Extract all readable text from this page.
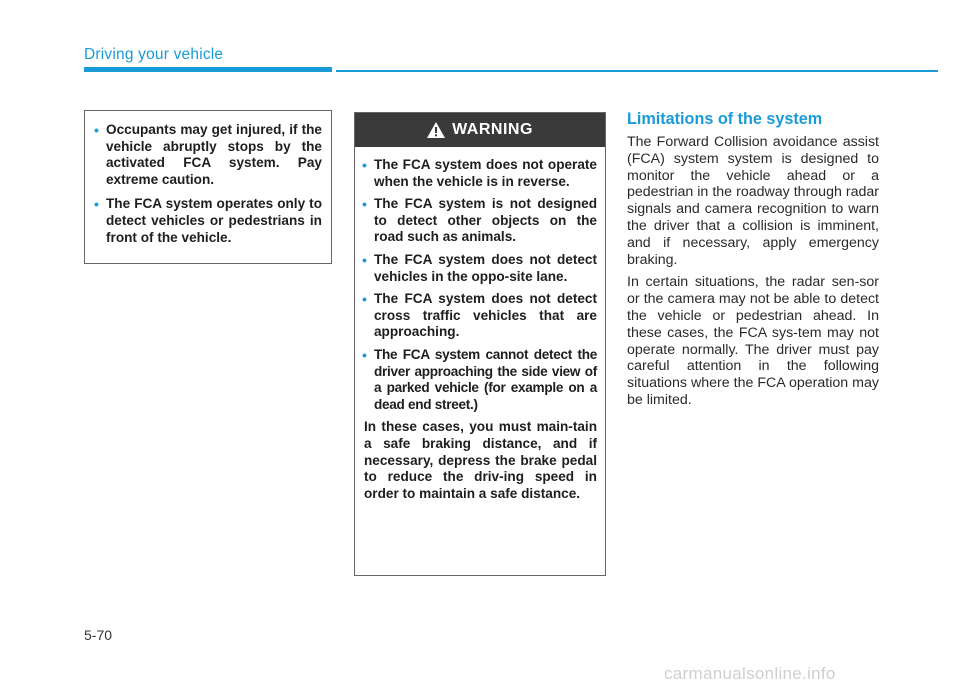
Driving your vehicle
• Occupants may get injured, if the vehicle abruptly stops by the activated FCA system. Pay extreme caution.
• The FCA system operates only to detect vehicles or pedestrians in front of the vehicle.
WARNING
• The FCA system does not operate when the vehicle is in reverse.
• The FCA system is not designed to detect other objects on the road such as animals.
• The FCA system does not detect vehicles in the oppo-site lane.
• The FCA system does not detect cross traffic vehicles that are approaching.
• The FCA system cannot detect the driver approaching the side view of a parked vehicle (for example on a dead end street.)
In these cases, you must main-tain a safe braking distance, and if necessary, depress the brake pedal to reduce the driv-ing speed in order to maintain a safe distance.
Limitations of the system

The Forward Collision avoidance assist (FCA) system system is designed to monitor the vehicle ahead or a pedestrian in the roadway through radar signals and camera recognition to warn the driver that a collision is imminent, and if necessary, apply emergency braking.

In certain situations, the radar sen-sor or the camera may not be able to detect the vehicle or pedestrian ahead. In these cases, the FCA sys-tem may not operate normally. The driver must pay careful attention in the following situations where the FCA operation may be limited.

5-70
carmanualsonline.info
